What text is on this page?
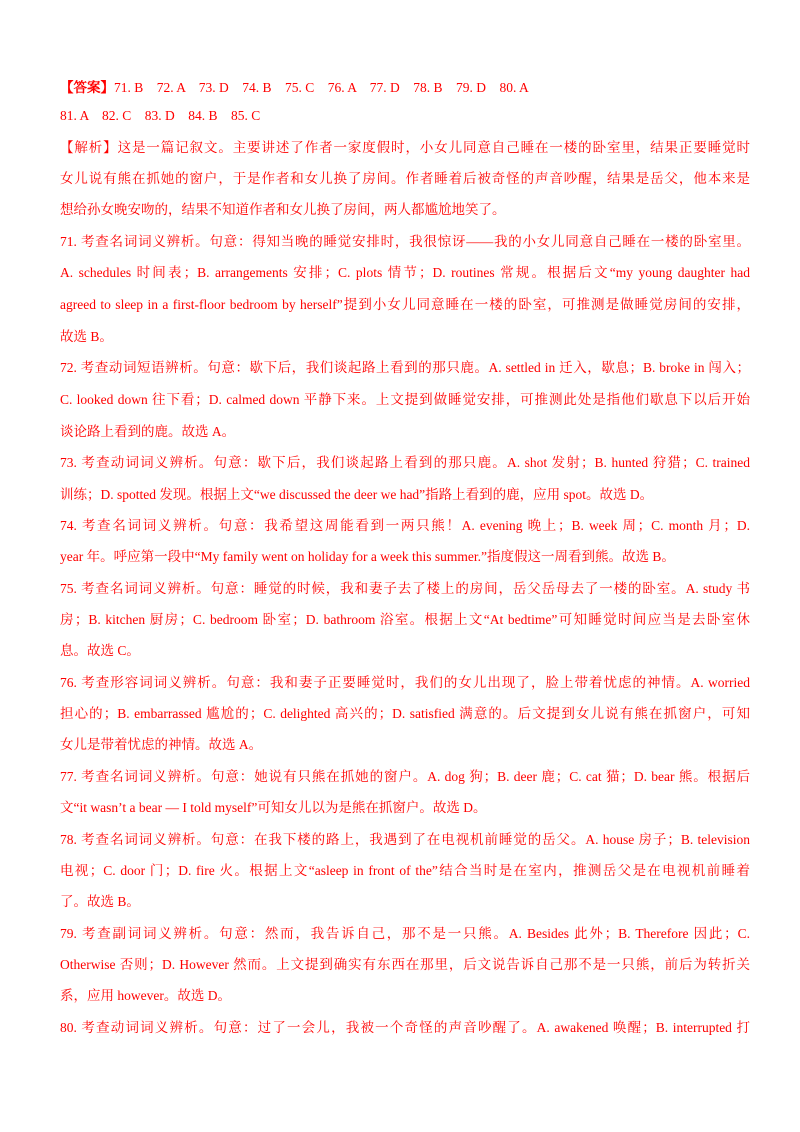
【答案】71. B    72. A    73. D    74. B    75. C    76. A    77. D    78. B    79. D    80. A
81. A    82. C    83. D    84. B    85. C
【解析】这是一篇记叙文。主要讲述了作者一家度假时，小女儿同意自己睡在一楼的卧室里，结果正要睡觉时
女儿说有熊在抓她的窗户，于是作者和女儿换了房间。作者睡着后被奇怪的声音吵醒，结果是岳父，他本来是
想给孙女晚安吻的，结果不知道作者和女儿换了房间，两人都尴尬地笑了。
71. 考查名词词义辨析。句意：得知当晚的睡觉安排时，我很惊讶——我的小女儿同意自己睡在一楼的卧室里。
A. schedules 时间表；B. arrangements 安排；C. plots 情节；D. routines 常规。根据后文“my young daughter had
agreed to sleep in a first-floor bedroom by herself”提到小女儿同意睡在一楼的卧室，可推测是做睡觉房间的安排，
故选 B。
72. 考查动词短语辨析。句意：歇下后，我们谈起路上看到的那只鹿。A. settled in 迁入，歇息；B. broke in 闯入；
C. looked down 往下看；D. calmed down 平静下来。上文提到做睡觉安排，可推测此处是指他们歇息下以后开始
谈论路上看到的鹿。故选 A。
73. 考查动词词义辨析。句意：歇下后，我们谈起路上看到的那只鹿。A. shot 发射；B. hunted 狩猎；C. trained
训练；D. spotted 发现。根据上文“we discussed the deer we had”指路上看到的鹿，应用 spot。故选 D。
74. 考查名词词义辨析。句意：我希望这周能看到一两只熊！A. evening 晚上；B. week 周；C. month 月；D.
year 年。呼应第一段中“My family went on holiday for a week this summer.”指度假这一周看到熊。故选 B。
75. 考查名词词义辨析。句意：睡觉的时候，我和妻子去了楼上的房间，岳父岳母去了一楼的卧室。A. study 书
房；B. kitchen 厨房；C. bedroom 卧室；D. bathroom 浴室。根据上文“At bedtime”可知睡觉时间应当是去卧室休
息。故选 C。
76. 考查形容词词义辨析。句意：我和妻子正要睡觉时，我们的女儿出现了，脸上带着忧虑的神情。A. worried
担心的；B. embarrassed 尴尬的；C. delighted 高兴的；D. satisfied 满意的。后文提到女儿说有熊在抓窗户，可知
女儿是带着忧虑的神情。故选 A。
77. 考查名词词义辨析。句意：她说有只熊在抓她的窗户。A. dog 狗；B. deer 鹿；C. cat 猫；D. bear 熊。根据后
文“it wasn’t a bear — I told myself”可知女儿以为是熊在抓窗户。故选 D。
78. 考查名词词义辨析。句意：在我下楼的路上，我遇到了在电视机前睡觉的岳父。A. house 房子；B. television
电视；C. door 门；D. fire 火。根据上文“asleep in front of the”结合当时是在室内，推测岳父是在电视机前睡着
了。故选 B。
79. 考查副词词义辨析。句意：然而，我告诉自己，那不是一只熊。A. Besides 此外；B. Therefore 因此；C.
Otherwise 否则；D. However 然而。上文提到确实有东西在那里，后文说告诉自己那不是一只熊，前后为转折关
系，应用 however。故选 D。
80. 考查动词词义辨析。句意：过了一会儿，我被一个奇怪的声音吵醒了。A. awakened 唤醒；B. interrupted 打
